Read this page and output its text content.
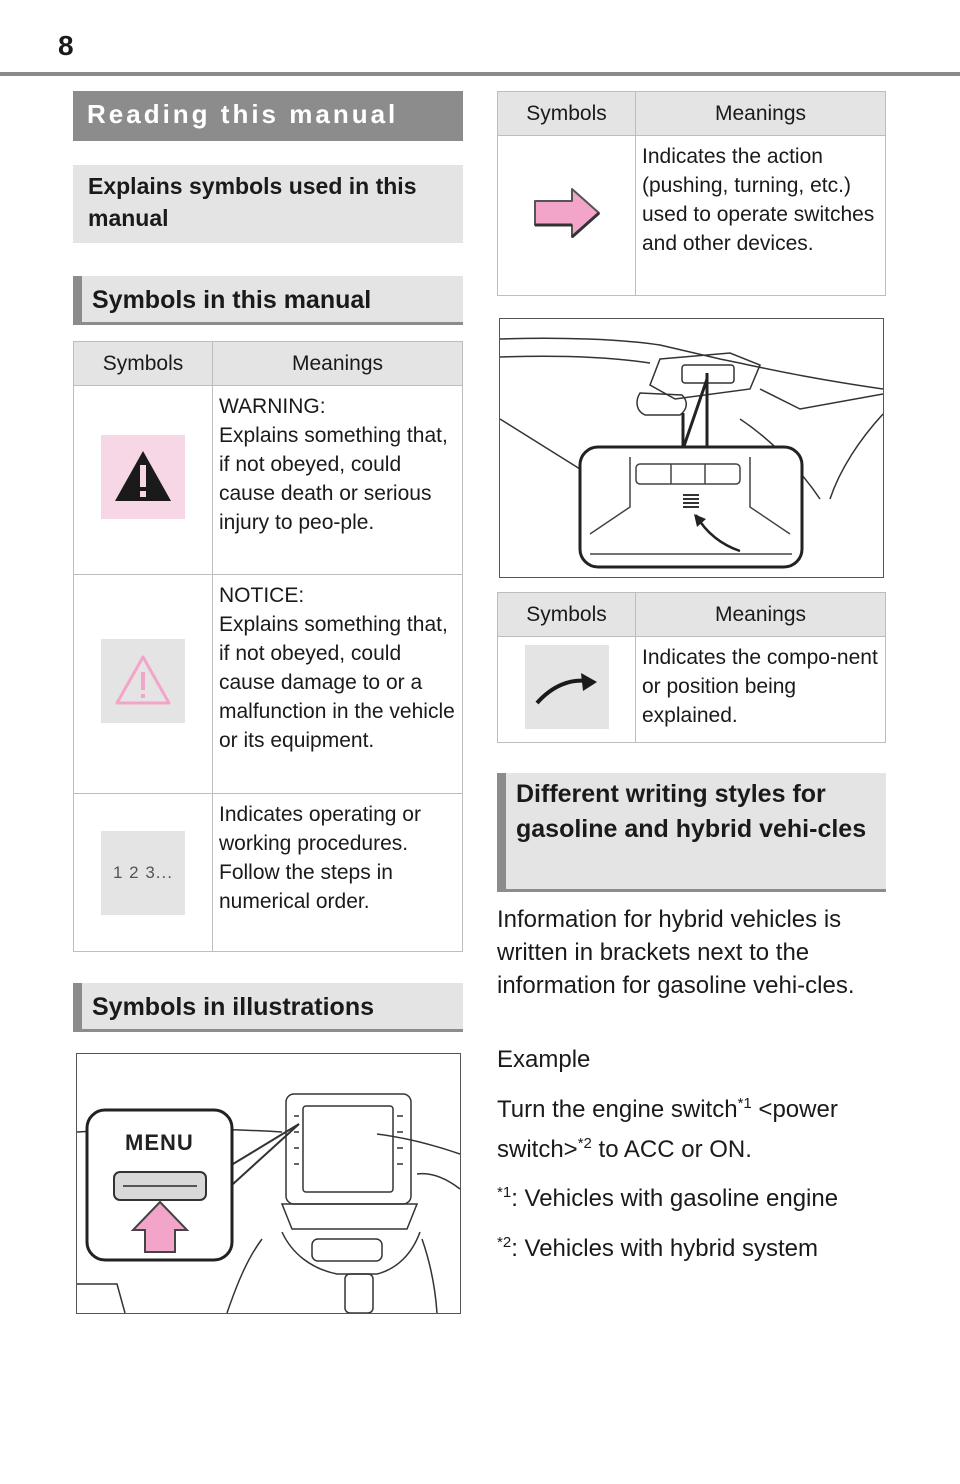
8
Reading this manual
Explains symbols used in this manual
Symbols in this manual
Symbols	Meanings

WARNING:
Explains something that, if not obeyed, could cause death or serious injury to peo-ple.

NOTICE:
Explains something that, if not obeyed, could cause damage to or a malfunction in the vehicle or its equipment.

1 2 3...	Indicates operating or working procedures. Follow the steps in numerical order.
Symbols in illustrations
MENU
Symbols	Meanings

Indicates the action (pushing, turning, etc.) used to operate switches and other devices.
Symbols	Meanings

Indicates the compo-nent or position being explained.
Different writing styles for gasoline and hybrid vehi-cles
Information for hybrid vehicles is written in brackets next to the information for gasoline vehi-cles.
Example
Turn the engine switch$^{*1}$ <power switch>$^{*2}$ to ACC or ON.
$^{*1}$: Vehicles with gasoline engine
$^{*2}$: Vehicles with hybrid system
